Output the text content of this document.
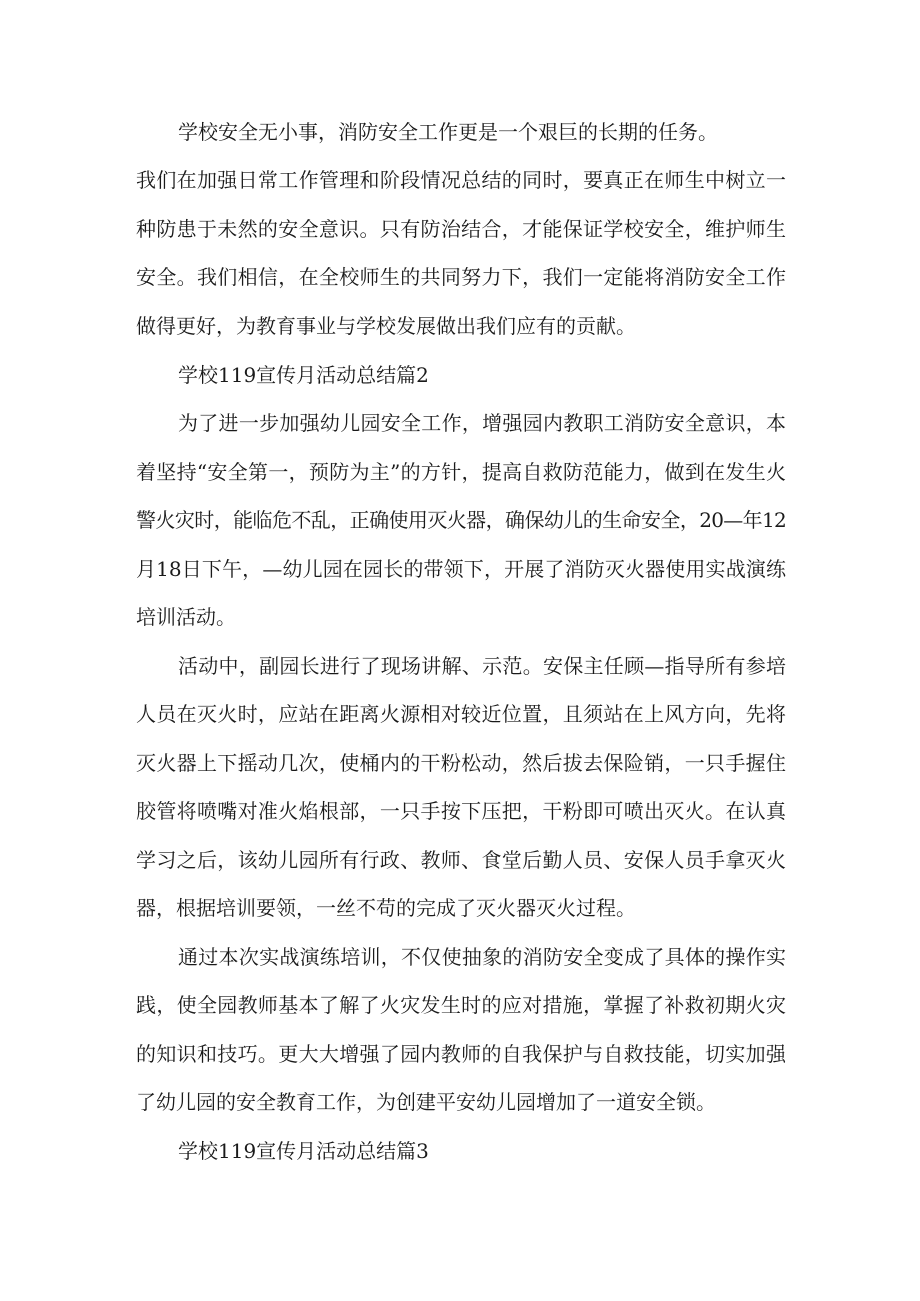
学校安全无小事，消防安全工作更是一个艰巨的长期的任务。
我们在加强日常工作管理和阶段情况总结的同时，要真正在师生中树立一
种防患于未然的安全意识。只有防治结合，才能保证学校安全，维护师生
安全。我们相信，在全校师生的共同努力下，我们一定能将消防安全工作
做得更好，为教育事业与学校发展做出我们应有的贡献。
学校119宣传月活动总结篇2
为了进一步加强幼儿园安全工作，增强园内教职工消防安全意识，本
着坚持“安全第一，预防为主”的方针，提高自救防范能力，做到在发生火
警火灾时，能临危不乱，正确使用灭火器，确保幼儿的生命安全，20—年12
月18日下午，—幼儿园在园长的带领下，开展了消防灭火器使用实战演练
培训活动。
活动中，副园长进行了现场讲解、示范。安保主任顾—指导所有参培
人员在灭火时，应站在距离火源相对较近位置，且须站在上风方向，先将
灭火器上下摇动几次，使桶内的干粉松动，然后拔去保险销，一只手握住
胶管将喷嘴对准火焰根部，一只手按下压把，干粉即可喷出灭火。在认真
学习之后，该幼儿园所有行政、教师、食堂后勤人员、安保人员手拿灭火
器，根据培训要领，一丝不苟的完成了灭火器灭火过程。
通过本次实战演练培训，不仅使抽象的消防安全变成了具体的操作实
践，使全园教师基本了解了火灾发生时的应对措施，掌握了补救初期火灾
的知识和技巧。更大大增强了园内教师的自我保护与自救技能，切实加强
了幼儿园的安全教育工作，为创建平安幼儿园增加了一道安全锁。
学校119宣传月活动总结篇3
